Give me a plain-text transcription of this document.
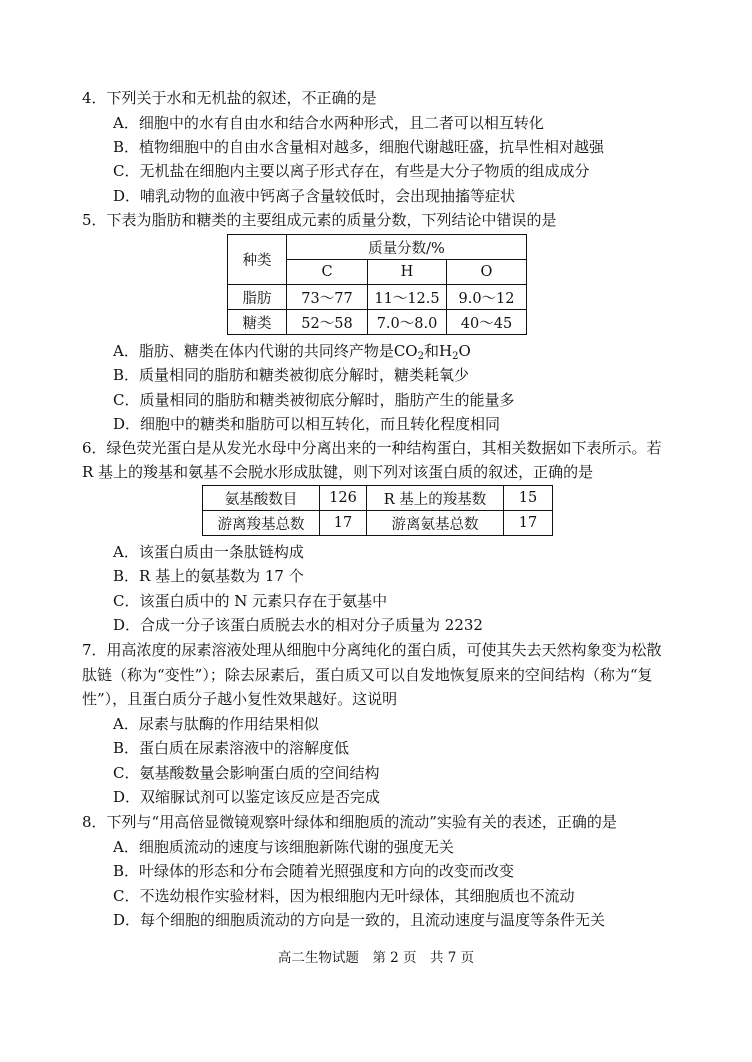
4．下列关于水和无机盐的叙述，不正确的是
A．细胞中的水有自由水和结合水两种形式，且二者可以相互转化
B．植物细胞中的自由水含量相对越多，细胞代谢越旺盛，抗旱性相对越强
C．无机盐在细胞内主要以离子形式存在，有些是大分子物质的组成成分
D．哺乳动物的血液中钙离子含量较低时，会出现抽搐等症状
5．下表为脂肪和糖类的主要组成元素的质量分数，下列结论中错误的是
种类	质量分数/%		
	C	H	O
脂肪	73～77	11～12.5	9.0～12
糖类	52～58	7.0～8.0	40～45
A．脂肪、糖类在体内代谢的共同终产物是$CO_2$和$H_2O$
B．质量相同的脂肪和糖类被彻底分解时，糖类耗氧少
C．质量相同的脂肪和糖类被彻底分解时，脂肪产生的能量多
D．细胞中的糖类和脂肪可以相互转化，而且转化程度相同
6．绿色荧光蛋白是从发光水母中分离出来的一种结构蛋白，其相关数据如下表所示。若
R 基上的羧基和氨基不会脱水形成肽键，则下列对该蛋白质的叙述，正确的是
氨基酸数目	126	R 基上的羧基数	15
游离羧基总数	17	游离氨基总数	17
A．该蛋白质由一条肽链构成
B．R 基上的氨基数为 17 个
C．该蛋白质中的 N 元素只存在于氨基中
D．合成一分子该蛋白质脱去水的相对分子质量为 2232
7．用高浓度的尿素溶液处理从细胞中分离纯化的蛋白质，可使其失去天然构象变为松散
肽链（称为“变性”）；除去尿素后，蛋白质又可以自发地恢复原来的空间结构（称为“复
性”），且蛋白质分子越小复性效果越好。这说明
A．尿素与肽酶的作用结果相似
B．蛋白质在尿素溶液中的溶解度低
C．氨基酸数量会影响蛋白质的空间结构
D．双缩脲试剂可以鉴定该反应是否完成
8．下列与“用高倍显微镜观察叶绿体和细胞质的流动”实验有关的表述，正确的是
A．细胞质流动的速度与该细胞新陈代谢的强度无关
B．叶绿体的形态和分布会随着光照强度和方向的改变而改变
C．不选幼根作实验材料，因为根细胞内无叶绿体，其细胞质也不流动
D．每个细胞的细胞质流动的方向是一致的，且流动速度与温度等条件无关
高二生物试题　第 2 页　共 7 页
